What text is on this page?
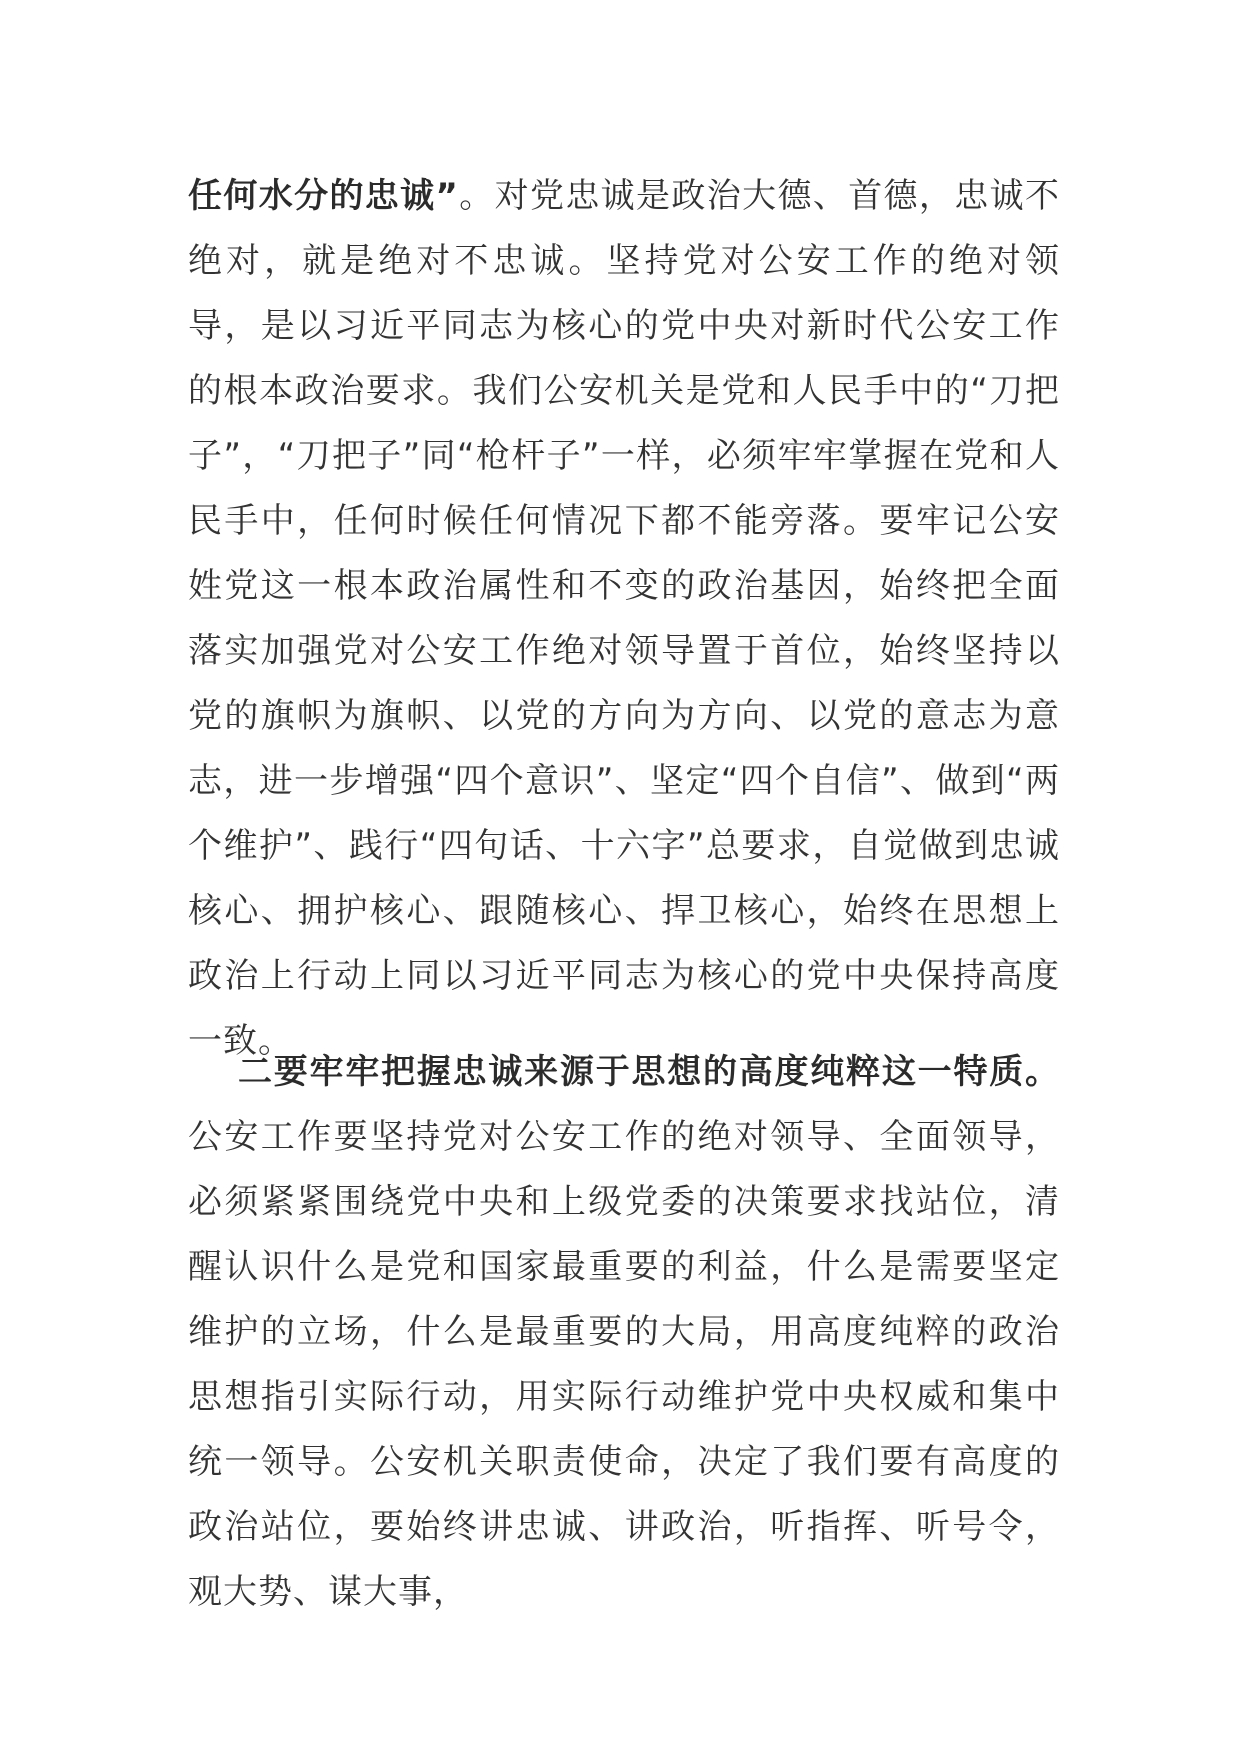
任何水分的忠诚”。对党忠诚是政治大德、首德，忠诚不绝对，就是绝对不忠诚。坚持党对公安工作的绝对领导，是以习近平同志为核心的党中央对新时代公安工作的根本政治要求。我们公安机关是党和人民手中的“刀把子”，“刀把子”同“枪杆子”一样，必须牢牢掌握在党和人民手中，任何时候任何情况下都不能旁落。要牢记公安姓党这一根本政治属性和不变的政治基因，始终把全面落实加强党对公安工作绝对领导置于首位，始终坚持以党的旗帜为旗帜、以党的方向为方向、以党的意志为意志，进一步增强“四个意识”、坚定“四个自信”、做到“两个维护”、践行“四句话、十六字”总要求，自觉做到忠诚核心、拥护核心、跟随核心、捍卫核心，始终在思想上政治上行动上同以习近平同志为核心的党中央保持高度一致。

二要牢牢把握忠诚来源于思想的高度纯粹这一特质。公安工作要坚持党对公安工作的绝对领导、全面领导，必须紧紧围绕党中央和上级党委的决策要求找站位，清醒认识什么是党和国家最重要的利益，什么是需要坚定维护的立场，什么是最重要的大局，用高度纯粹的政治思想指引实际行动，用实际行动维护党中央权威和集中统一领导。公安机关职责使命，决定了我们要有高度的政治站位，要始终讲忠诚、讲政治，听指挥、听号令，观大势、谋大事，
